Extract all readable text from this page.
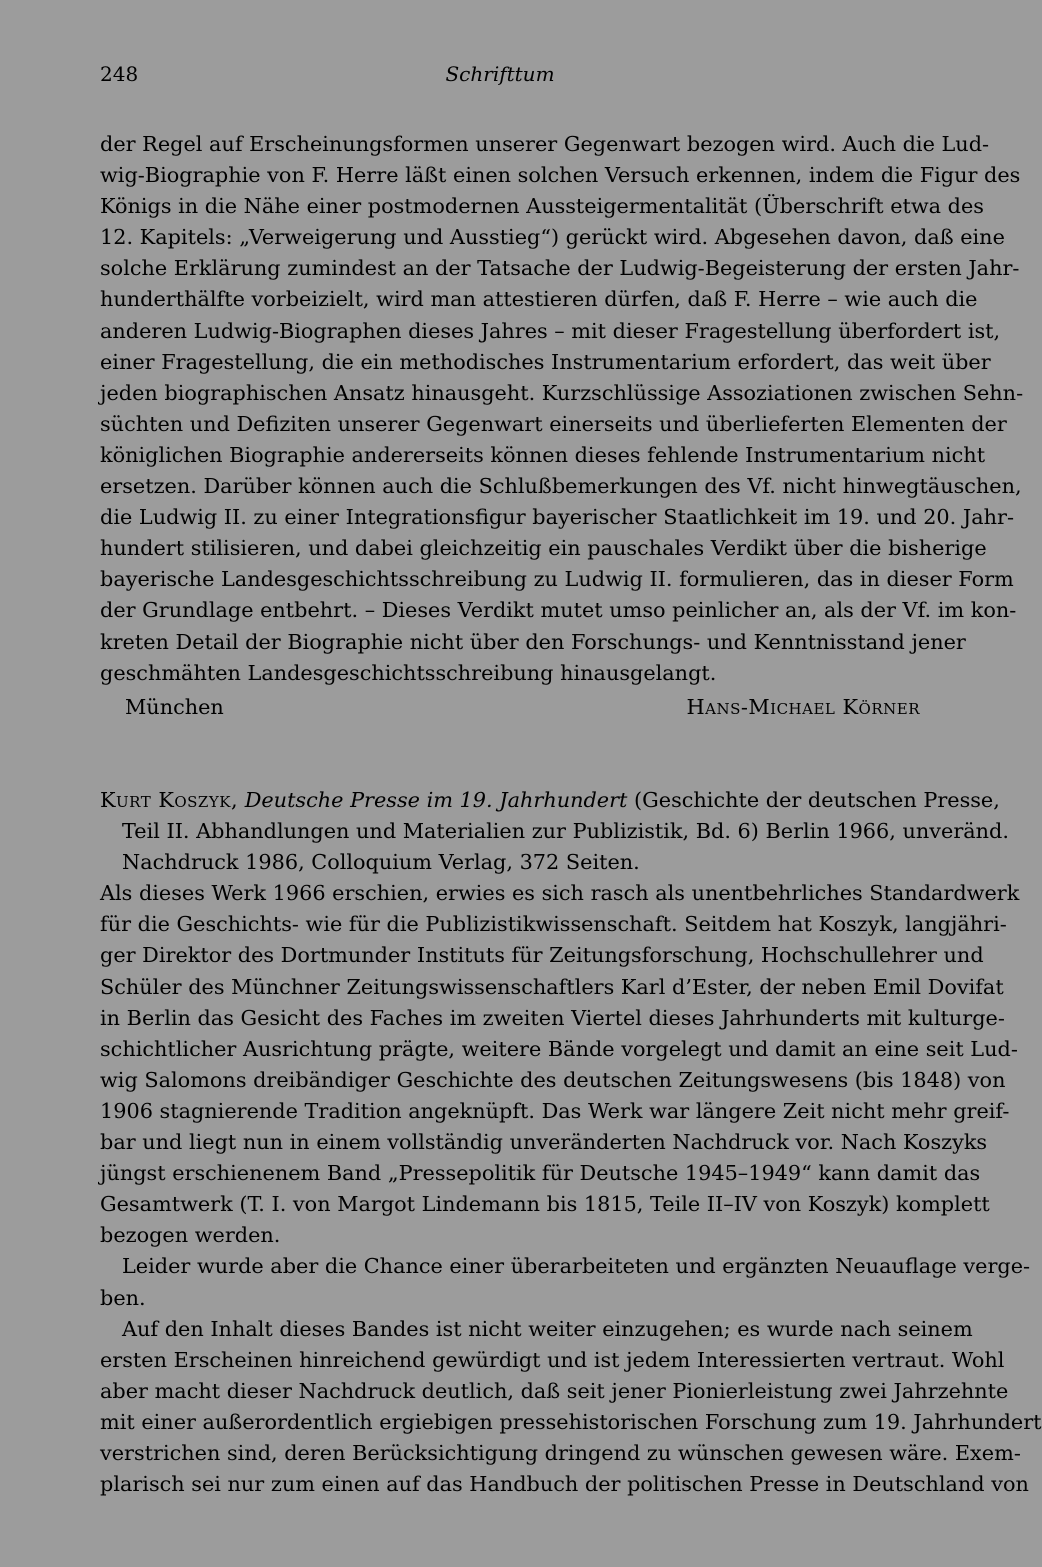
248	Schrifttum
der Regel auf Erscheinungsformen unserer Gegenwart bezogen wird. Auch die Lud-
wig-Biographie von F. Herre läßt einen solchen Versuch erkennen, indem die Figur des
Königs in die Nähe einer postmodernen Aussteigermentalität (Überschrift etwa des
12. Kapitels: „Verweigerung und Ausstieg“) gerückt wird. Abgesehen davon, daß eine
solche Erklärung zumindest an der Tatsache der Ludwig-Begeisterung der ersten Jahr-
hunderthälfte vorbeizielt, wird man attestieren dürfen, daß F. Herre – wie auch die
anderen Ludwig-Biographen dieses Jahres – mit dieser Fragestellung überfordert ist,
einer Fragestellung, die ein methodisches Instrumentarium erfordert, das weit über
jeden biographischen Ansatz hinausgeht. Kurzschlüssige Assoziationen zwischen Sehn-
süchten und Defiziten unserer Gegenwart einerseits und überlieferten Elementen der
königlichen Biographie andererseits können dieses fehlende Instrumentarium nicht
ersetzen. Darüber können auch die Schlußbemerkungen des Vf. nicht hinwegtäuschen,
die Ludwig II. zu einer Integrationsfigur bayerischer Staatlichkeit im 19. und 20. Jahr-
hundert stilisieren, und dabei gleichzeitig ein pauschales Verdikt über die bisherige
bayerische Landesgeschichtsschreibung zu Ludwig II. formulieren, das in dieser Form
der Grundlage entbehrt. – Dieses Verdikt mutet umso peinlicher an, als der Vf. im kon-
kreten Detail der Biographie nicht über den Forschungs- und Kenntnisstand jener
geschmähten Landesgeschichtsschreibung hinausgelangt.
München	Hans-Michael Körner
Kurt Koszyk, Deutsche Presse im 19. Jahrhundert (Geschichte der deutschen Presse,
Teil II. Abhandlungen und Materialien zur Publizistik, Bd. 6) Berlin 1966, unveränd.
Nachdruck 1986, Colloquium Verlag, 372 Seiten.
Als dieses Werk 1966 erschien, erwies es sich rasch als unentbehrliches Standardwerk
für die Geschichts- wie für die Publizistikwissenschaft. Seitdem hat Koszyk, langjähri-
ger Direktor des Dortmunder Instituts für Zeitungsforschung, Hochschullehrer und
Schüler des Münchner Zeitungswissenschaftlers Karl d’Ester, der neben Emil Dovifat
in Berlin das Gesicht des Faches im zweiten Viertel dieses Jahrhunderts mit kulturge-
schichtlicher Ausrichtung prägte, weitere Bände vorgelegt und damit an eine seit Lud-
wig Salomons dreibändiger Geschichte des deutschen Zeitungswesens (bis 1848) von
1906 stagnierende Tradition angeknüpft. Das Werk war längere Zeit nicht mehr greif-
bar und liegt nun in einem vollständig unveränderten Nachdruck vor. Nach Koszyks
jüngst erschienenem Band „Pressepolitik für Deutsche 1945–1949“ kann damit das
Gesamtwerk (T. I. von Margot Lindemann bis 1815, Teile II–IV von Koszyk) komplett
bezogen werden.
Leider wurde aber die Chance einer überarbeiteten und ergänzten Neuauflage verge-
ben.
Auf den Inhalt dieses Bandes ist nicht weiter einzugehen; es wurde nach seinem
ersten Erscheinen hinreichend gewürdigt und ist jedem Interessierten vertraut. Wohl
aber macht dieser Nachdruck deutlich, daß seit jener Pionierleistung zwei Jahrzehnte
mit einer außerordentlich ergiebigen pressehistorischen Forschung zum 19. Jahrhundert
verstrichen sind, deren Berücksichtigung dringend zu wünschen gewesen wäre. Exem-
plarisch sei nur zum einen auf das Handbuch der politischen Presse in Deutschland von
